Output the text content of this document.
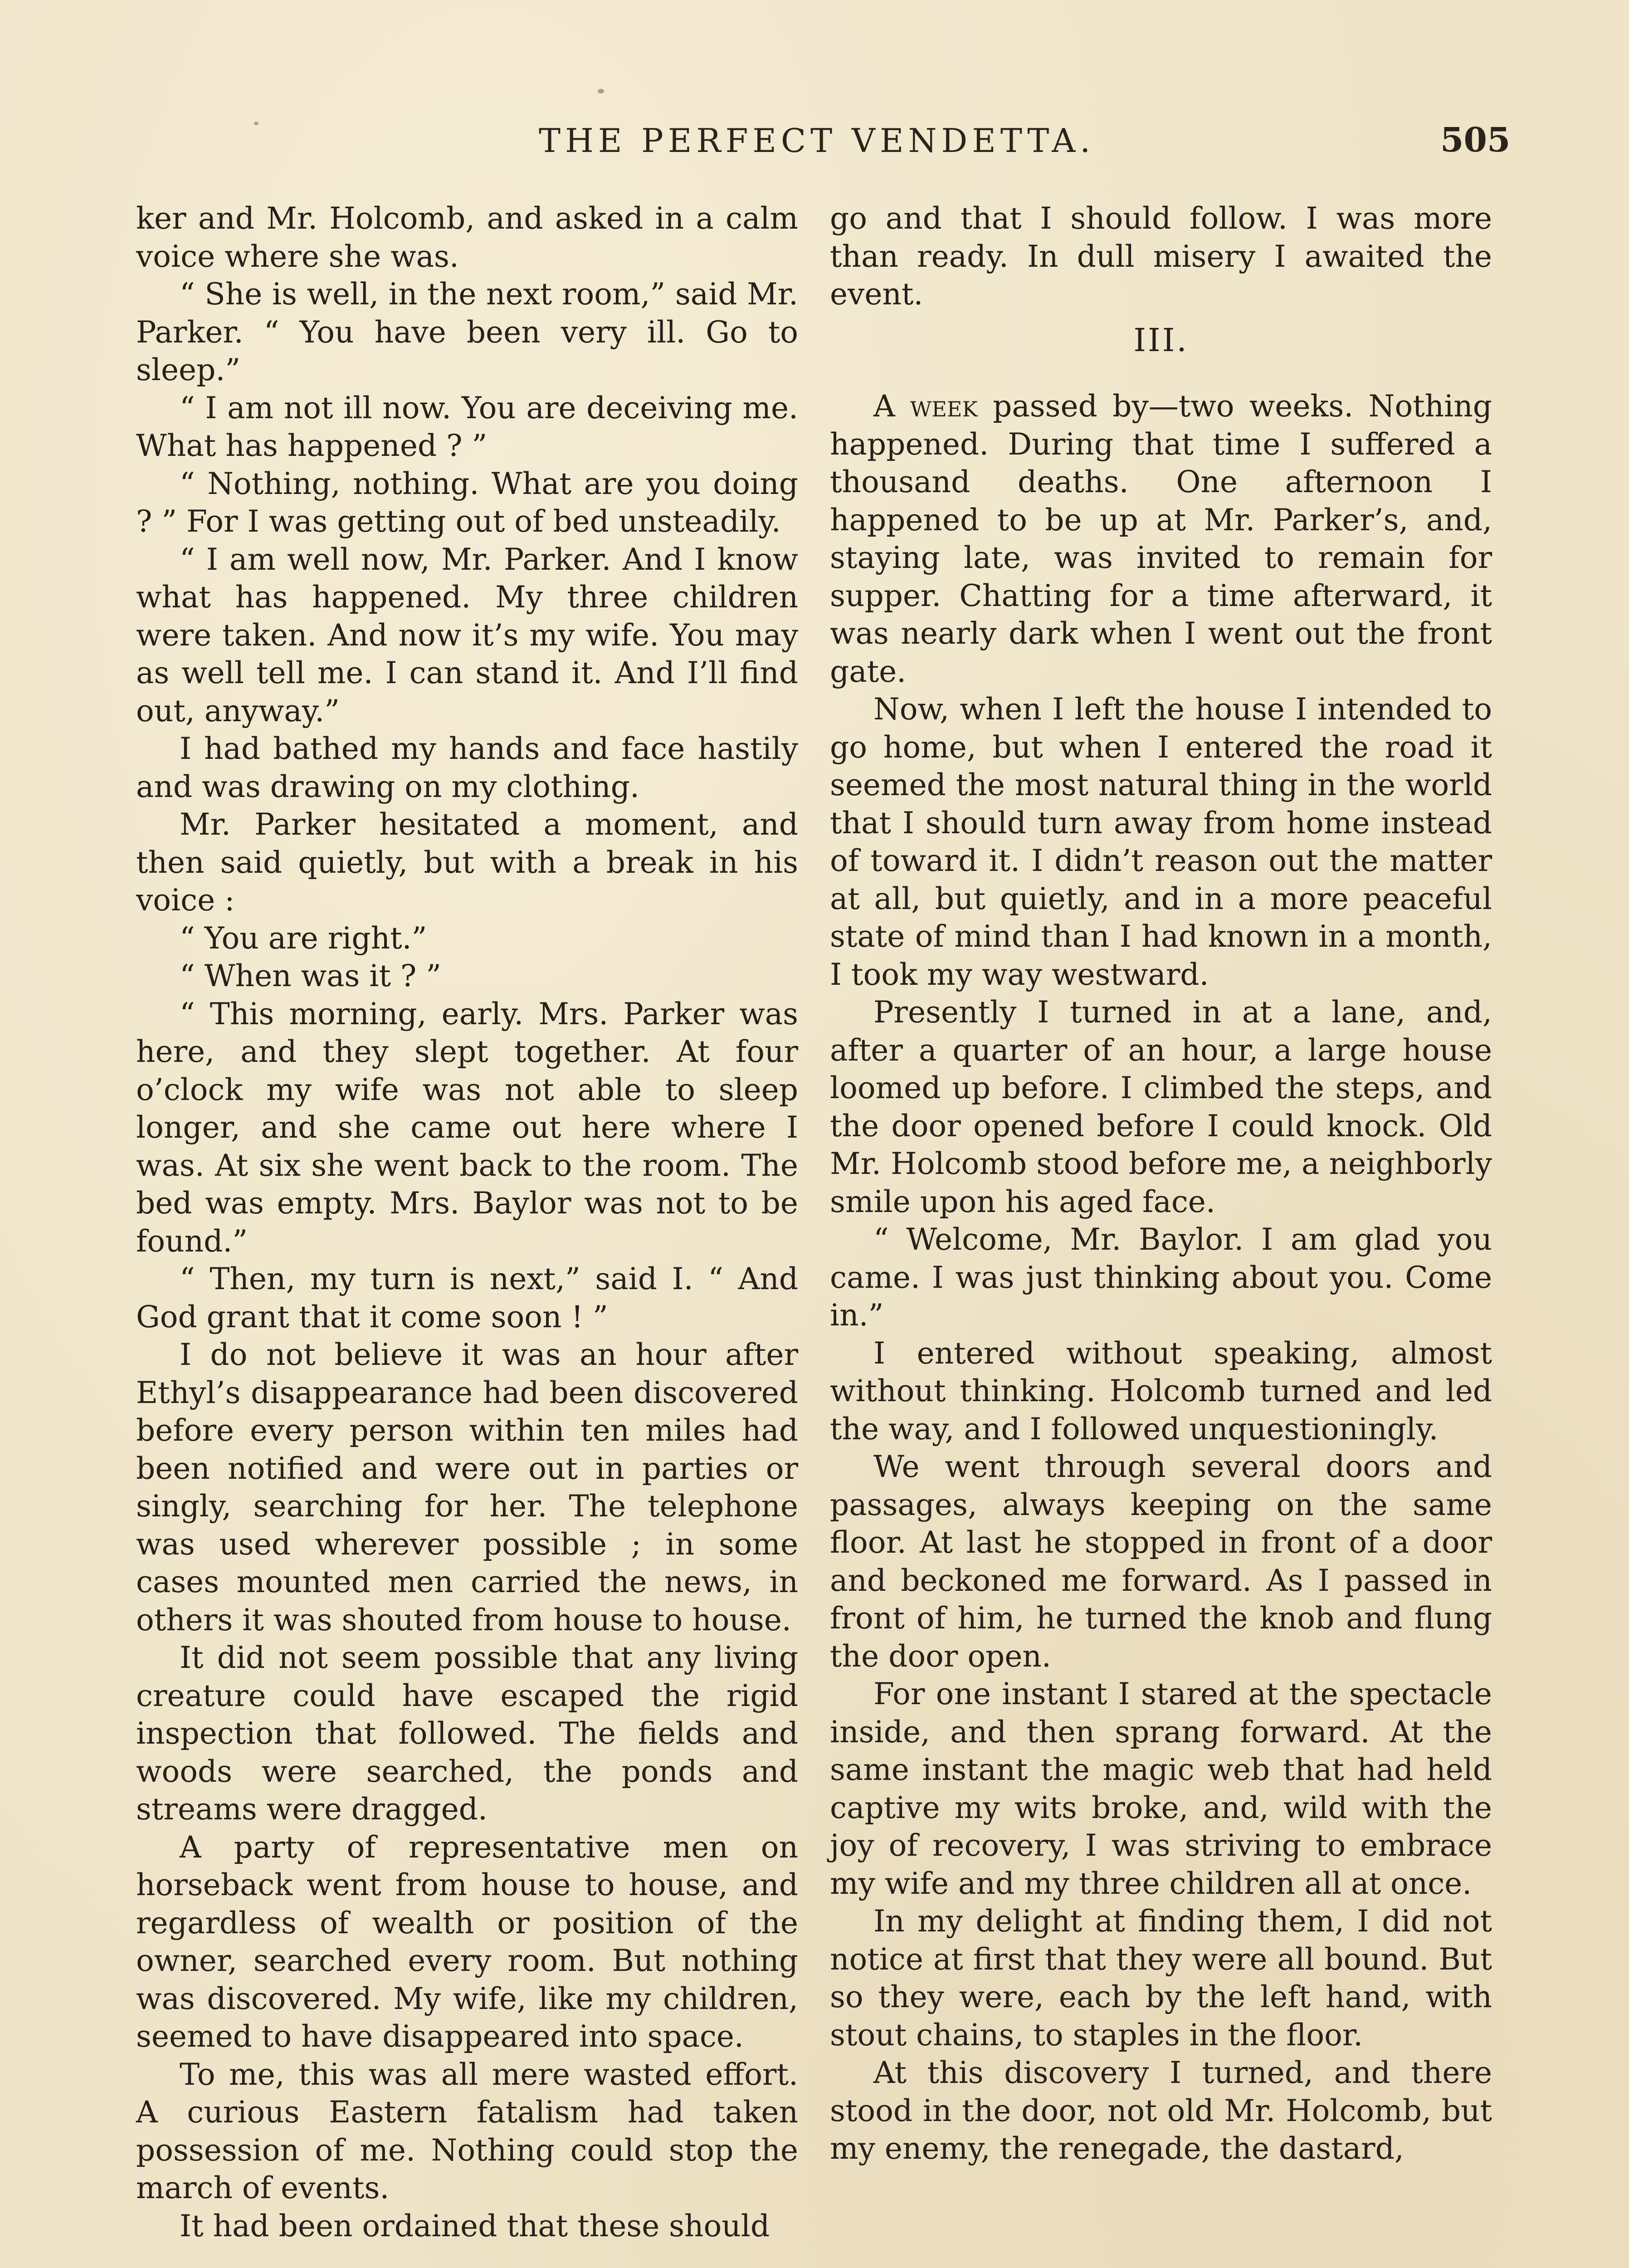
THE PERFECT VENDETTA.	505

ker and Mr. Holcomb, and asked in a calm voice where she was.

“ She is well, in the next room,” said Mr. Parker. “ You have been very ill. Go to sleep.”

“ I am not ill now. You are deceiving me. What has happened ? ”

“ Nothing, nothing. What are you doing ? ” For I was getting out of bed unsteadily.

“ I am well now, Mr. Parker. And I know what has happened. My three children were taken. And now it’s my wife. You may as well tell me. I can stand it. And I’ll find out, anyway.”

I had bathed my hands and face hastily and was drawing on my clothing.

Mr. Parker hesitated a moment, and then said quietly, but with a break in his voice :

“ You are right.”

“ When was it ? ”

“ This morning, early. Mrs. Parker was here, and they slept together. At four o’clock my wife was not able to sleep longer, and she came out here where I was. At six she went back to the room. The bed was empty. Mrs. Baylor was not to be found.”

“ Then, my turn is next,” said I. “ And God grant that it come soon ! ”

I do not believe it was an hour after Ethyl’s disappearance had been discovered before every person within ten miles had been notified and were out in parties or singly, searching for her. The telephone was used wherever possible ; in some cases mounted men carried the news, in others it was shouted from house to house.

It did not seem possible that any living creature could have escaped the rigid inspection that followed. The fields and woods were searched, the ponds and streams were dragged.

A party of representative men on horseback went from house to house, and regardless of wealth or position of the owner, searched every room. But nothing was discovered. My wife, like my children, seemed to have disappeared into space.

To me, this was all mere wasted effort. A curious Eastern fatalism had taken possession of me. Nothing could stop the march of events.

It had been ordained that these should

go and that I should follow. I was more than ready. In dull misery I awaited the event.

III.

A week passed by—two weeks. Nothing happened. During that time I suffered a thousand deaths. One afternoon I happened to be up at Mr. Parker’s, and, staying late, was invited to remain for supper. Chatting for a time afterward, it was nearly dark when I went out the front gate.

Now, when I left the house I intended to go home, but when I entered the road it seemed the most natural thing in the world that I should turn away from home instead of toward it. I didn’t reason out the matter at all, but quietly, and in a more peaceful state of mind than I had known in a month, I took my way westward.

Presently I turned in at a lane, and, after a quarter of an hour, a large house loomed up before. I climbed the steps, and the door opened before I could knock. Old Mr. Holcomb stood before me, a neighborly smile upon his aged face.

“ Welcome, Mr. Baylor. I am glad you came. I was just thinking about you. Come in.”

I entered without speaking, almost without thinking. Holcomb turned and led the way, and I followed unquestioningly.

We went through several doors and passages, always keeping on the same floor. At last he stopped in front of a door and beckoned me forward. As I passed in front of him, he turned the knob and flung the door open.

For one instant I stared at the spectacle inside, and then sprang forward. At the same instant the magic web that had held captive my wits broke, and, wild with the joy of recovery, I was striving to embrace my wife and my three children all at once.

In my delight at finding them, I did not notice at first that they were all bound. But so they were, each by the left hand, with stout chains, to staples in the floor.

At this discovery I turned, and there stood in the door, not old Mr. Holcomb, but my enemy, the renegade, the dastard,
